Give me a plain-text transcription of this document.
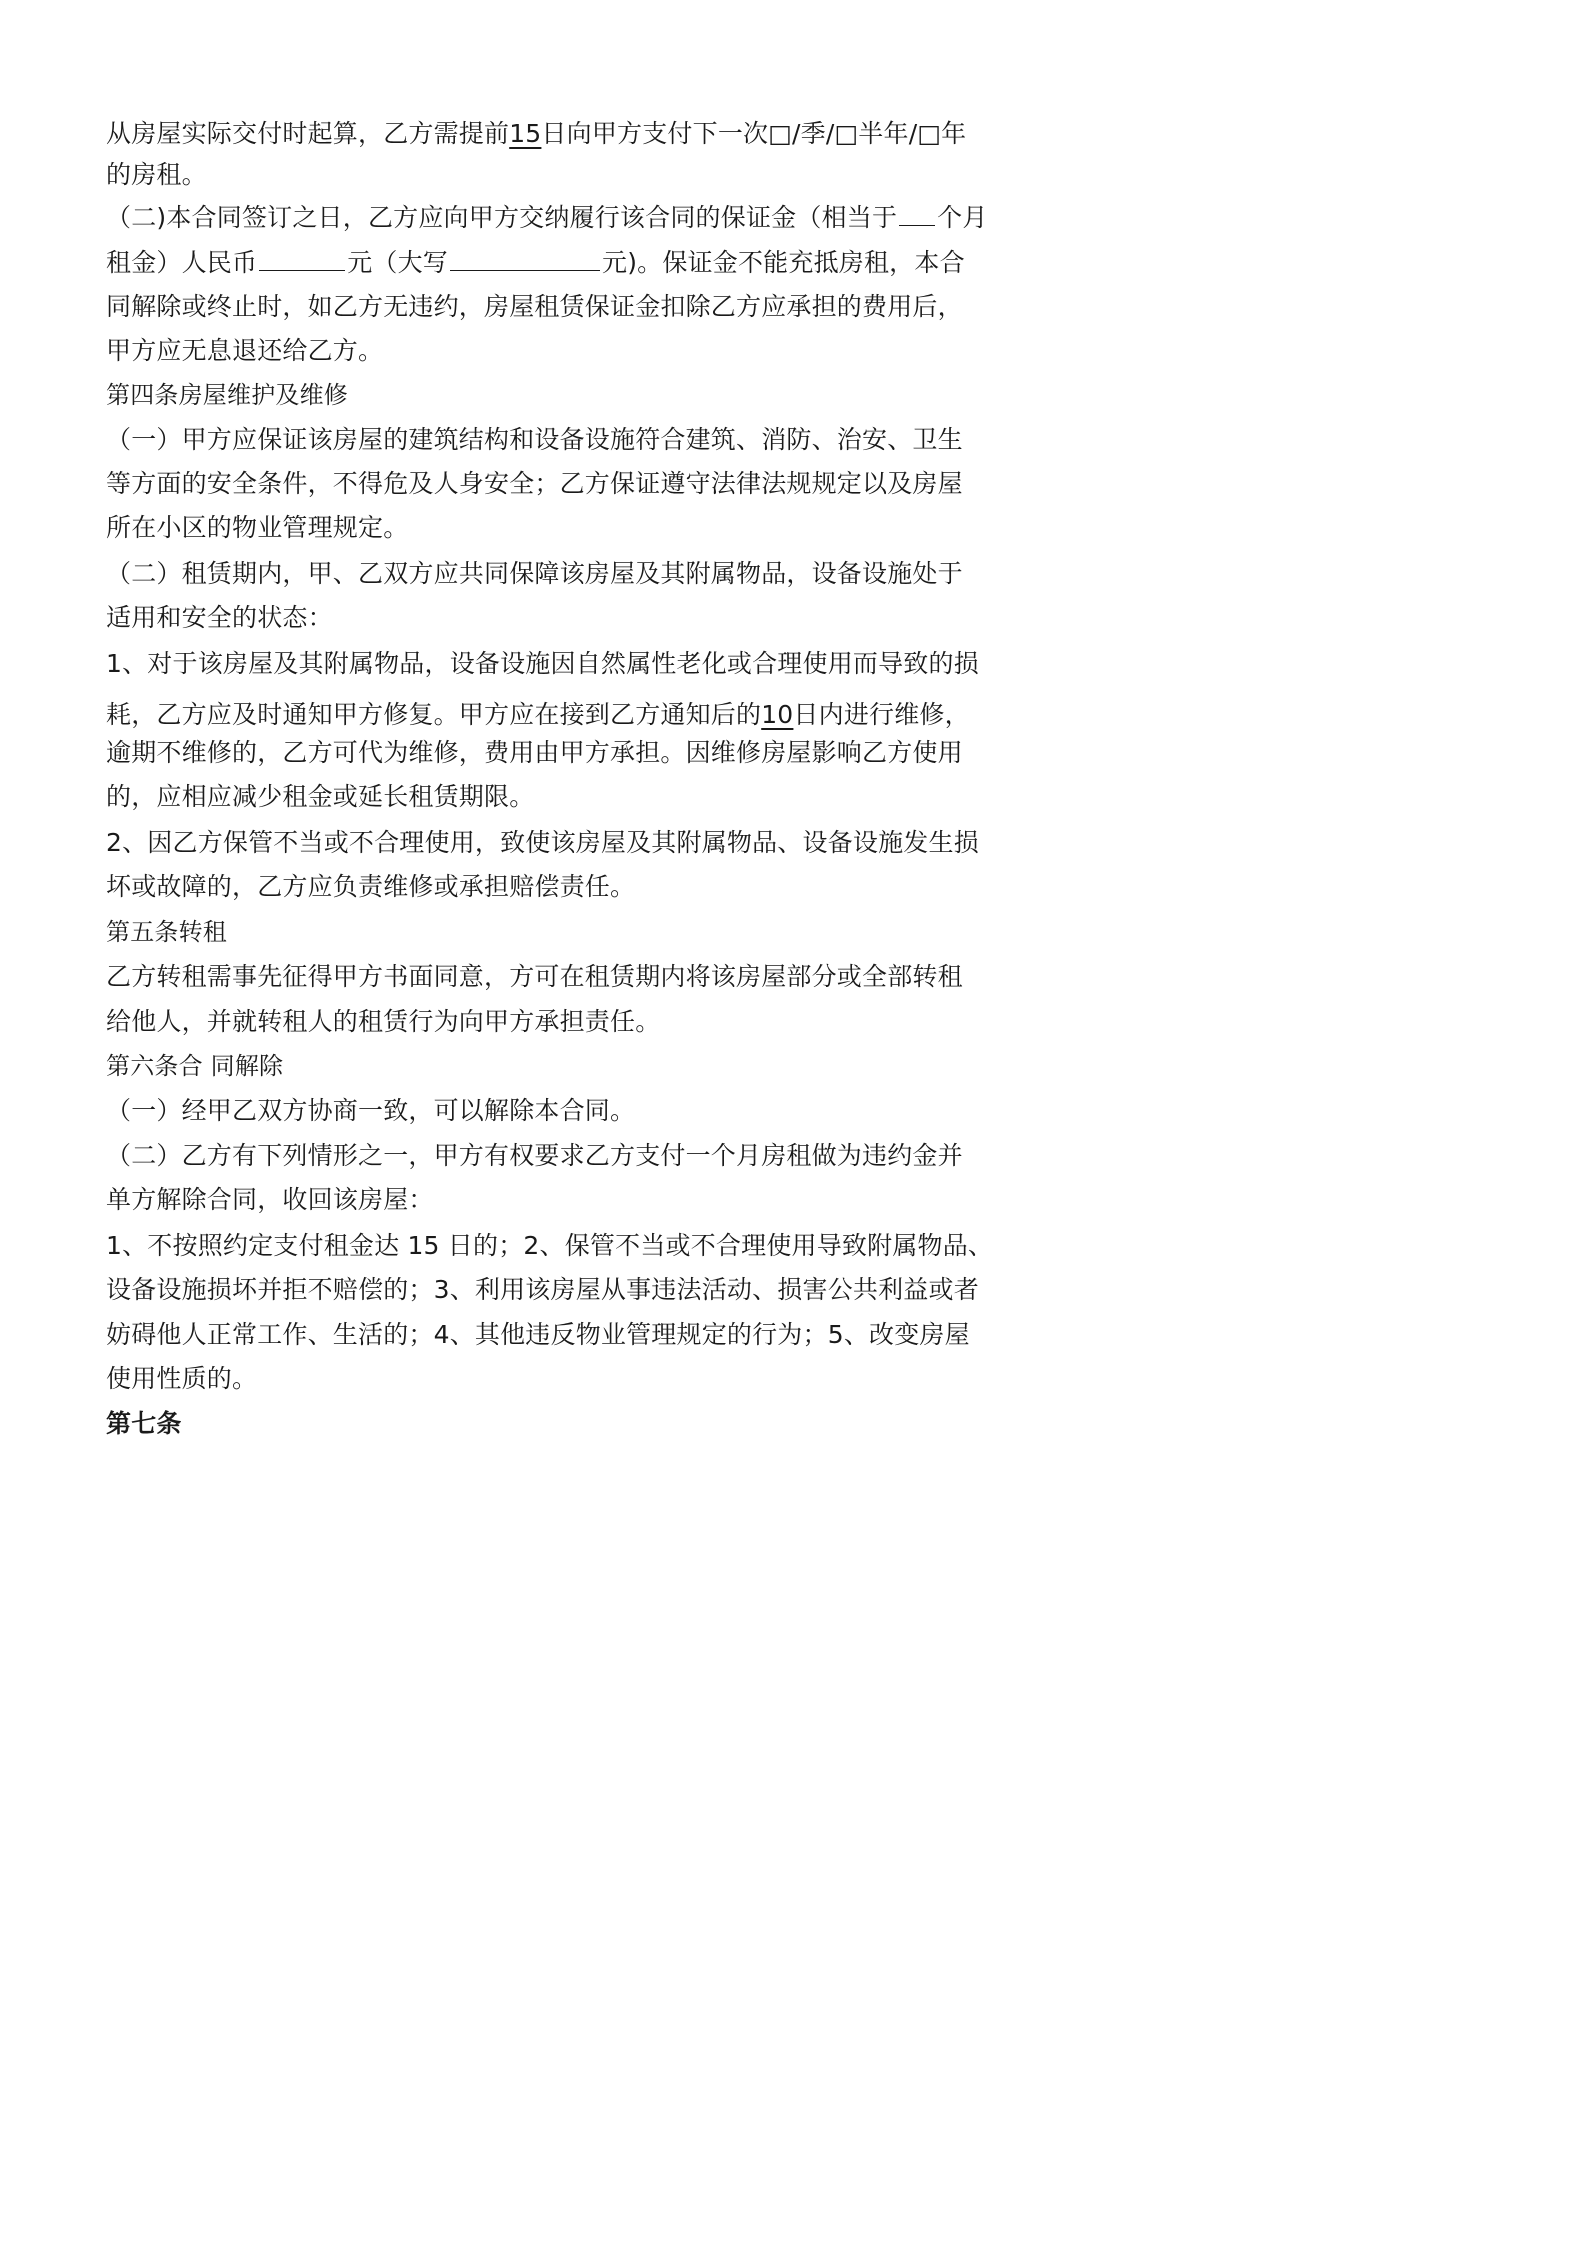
从房屋实际交付时起算，乙方需提前15日向甲方支付下一次□/季/□半年/□年
的房租。
（二)本合同签订之日，乙方应向甲方交纳履行该合同的保证金（相当于 个月
租金）人民币	元（大写	元)。保证金不能充抵房租，本合
同解除或终止时，如乙方无违约，房屋租赁保证金扣除乙方应承担的费用后，
甲方应无息退还给乙方。
第四条房屋维护及维修
（一）甲方应保证该房屋的建筑结构和设备设施符合建筑、消防、治安、卫生
等方面的安全条件，不得危及人身安全；乙方保证遵守法律法规规定以及房屋
所在小区的物业管理规定。
（二）租赁期内，甲、乙双方应共同保障该房屋及其附属物品，设备设施处于
适用和安全的状态：
1、对于该房屋及其附属物品，设备设施因自然属性老化或合理使用而导致的损
耗，乙方应及时通知甲方修复。甲方应在接到乙方通知后的10日内进行维修，
逾期不维修的，乙方可代为维修，费用由甲方承担。因维修房屋影响乙方使用
的，应相应减少租金或延长租赁期限。
2、因乙方保管不当或不合理使用，致使该房屋及其附属物品、设备设施发生损
坏或故障的，乙方应负责维修或承担赔偿责任。
第五条转租
乙方转租需事先征得甲方书面同意，方可在租赁期内将该房屋部分或全部转租
给他人，并就转租人的租赁行为向甲方承担责任。
第六条合 同解除
（一）经甲乙双方协商一致，可以解除本合同。
（二）乙方有下列情形之一，甲方有权要求乙方支付一个月房租做为违约金并
单方解除合同，收回该房屋：
1、不按照约定支付租金达 15 日的；2、保管不当或不合理使用导致附属物品、
设备设施损坏并拒不赔偿的；3、利用该房屋从事违法活动、损害公共利益或者
妨碍他人正常工作、生活的；4、其他违反物业管理规定的行为；5、改变房屋
使用性质的。
第七条
